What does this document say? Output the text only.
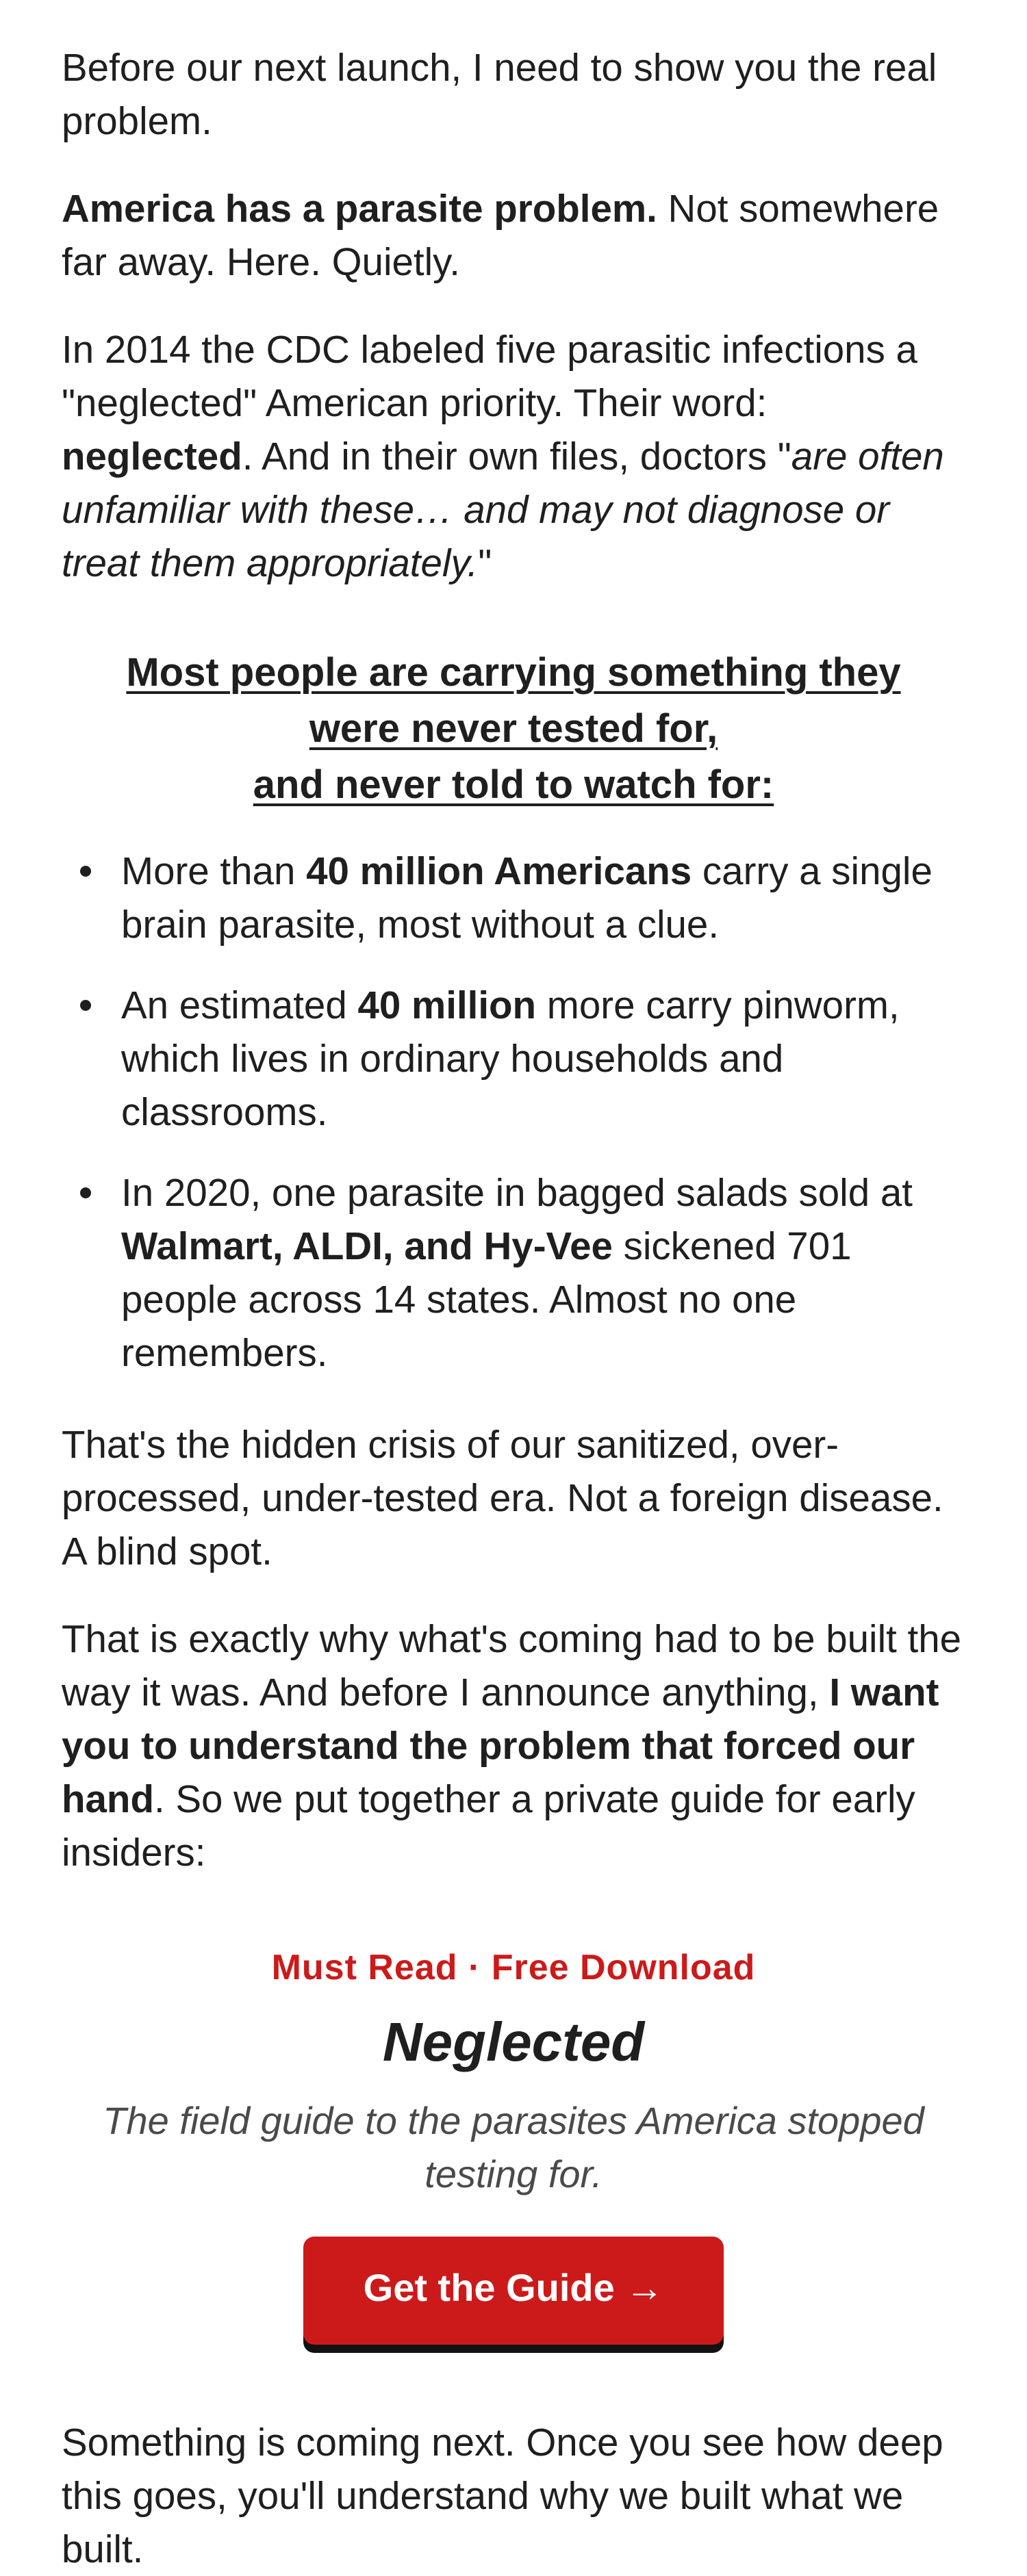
Before our next launch, I need to show you the real problem.

America has a parasite problem. Not somewhere far away. Here. Quietly.

In 2014 the CDC labeled five parasitic infections a "neglected" American priority. Their word: neglected. And in their own files, doctors "are often unfamiliar with these… and may not diagnose or treat them appropriately."

Most people are carrying something they
were never tested for,
and never told to watch for:
More than 40 million Americans carry a single brain parasite, most without a clue.
An estimated 40 million more carry pinworm, which lives in ordinary households and classrooms.
In 2020, one parasite in bagged salads sold at Walmart, ALDI, and Hy-Vee sickened 701 people across 14 states. Almost no one remembers.

That's the hidden crisis of our sanitized, over-processed, under-tested era. Not a foreign disease. A blind spot.

That is exactly why what's coming had to be built the way it was. And before I announce anything, I want you to understand the problem that forced our hand. So we put together a private guide for early insiders:

Must Read · Free Download
Neglected
The field guide to the parasites America stopped testing for.
Get the Guide →

Something is coming next. Once you see how deep this goes, you'll understand why we built what we built.
